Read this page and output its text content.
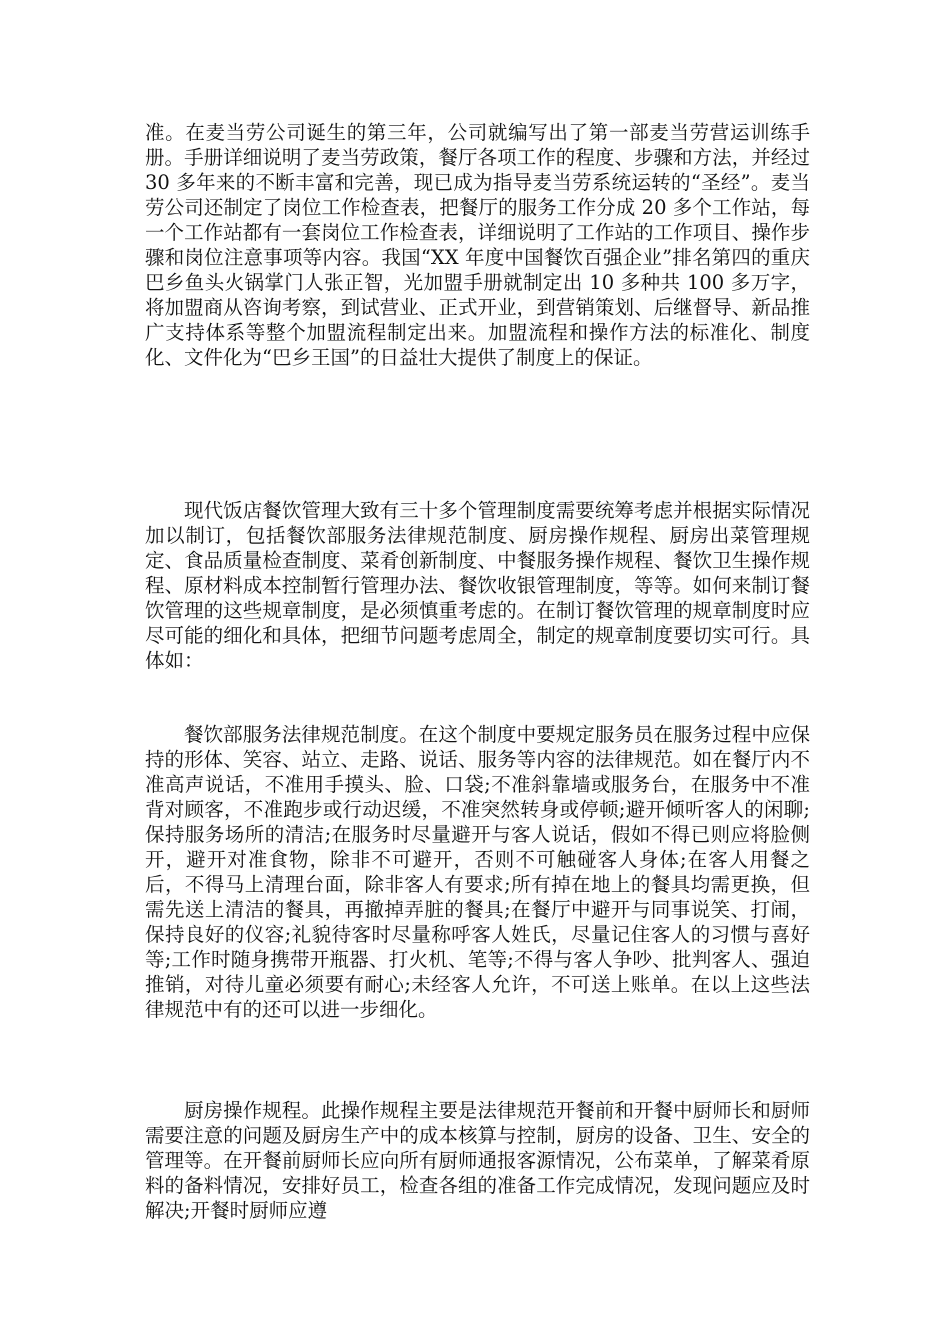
准。在麦当劳公司诞生的第三年，公司就编写出了第一部麦当劳营运训练手册。手册详细说明了麦当劳政策，餐厅各项工作的程度、步骤和方法，并经过 30 多年来的不断丰富和完善，现已成为指导麦当劳系统运转的“圣经”。麦当劳公司还制定了岗位工作检查表，把餐厅的服务工作分成 20 多个工作站，每一个工作站都有一套岗位工作检查表，详细说明了工作站的工作项目、操作步骤和岗位注意事项等内容。我国“XX 年度中国餐饮百强企业”排名第四的重庆巴乡鱼头火锅掌门人张正智，光加盟手册就制定出 10 多种共 100 多万字，将加盟商从咨询考察，到试营业、正式开业，到营销策划、后继督导、新品推广支持体系等整个加盟流程制定出来。加盟流程和操作方法的标准化、制度化、文件化为“巴乡王国”的日益壮大提供了制度上的保证。

现代饭店餐饮管理大致有三十多个管理制度需要统筹考虑并根据实际情况加以制订，包括餐饮部服务法律规范制度、厨房操作规程、厨房出菜管理规定、食品质量检查制度、菜肴创新制度、中餐服务操作规程、餐饮卫生操作规程、原材料成本控制暂行管理办法、餐饮收银管理制度，等等。如何来制订餐饮管理的这些规章制度，是必须慎重考虑的。在制订餐饮管理的规章制度时应尽可能的细化和具体，把细节问题考虑周全，制定的规章制度要切实可行。具体如：

餐饮部服务法律规范制度。在这个制度中要规定服务员在服务过程中应保持的形体、笑容、站立、走路、说话、服务等内容的法律规范。如在餐厅内不准高声说话，不准用手摸头、脸、口袋;不准斜靠墙或服务台，在服务中不准背对顾客，不准跑步或行动迟缓，不准突然转身或停顿;避开倾听客人的闲聊;保持服务场所的清洁;在服务时尽量避开与客人说话，假如不得已则应将脸侧开，避开对准食物，除非不可避开，否则不可触碰客人身体;在客人用餐之后，不得马上清理台面，除非客人有要求;所有掉在地上的餐具均需更换，但需先送上清洁的餐具，再撤掉弄脏的餐具;在餐厅中避开与同事说笑、打闹，保持良好的仪容;礼貌待客时尽量称呼客人姓氏，尽量记住客人的习惯与喜好等;工作时随身携带开瓶器、打火机、笔等;不得与客人争吵、批判客人、强迫推销，对待儿童必须要有耐心;未经客人允许，不可送上账单。在以上这些法律规范中有的还可以进一步细化。

厨房操作规程。此操作规程主要是法律规范开餐前和开餐中厨师长和厨师需要注意的问题及厨房生产中的成本核算与控制，厨房的设备、卫生、安全的管理等。在开餐前厨师长应向所有厨师通报客源情况，公布菜单，了解菜肴原料的备料情况，安排好员工，检查各组的准备工作完成情况，发现问题应及时解决;开餐时厨师应遵
